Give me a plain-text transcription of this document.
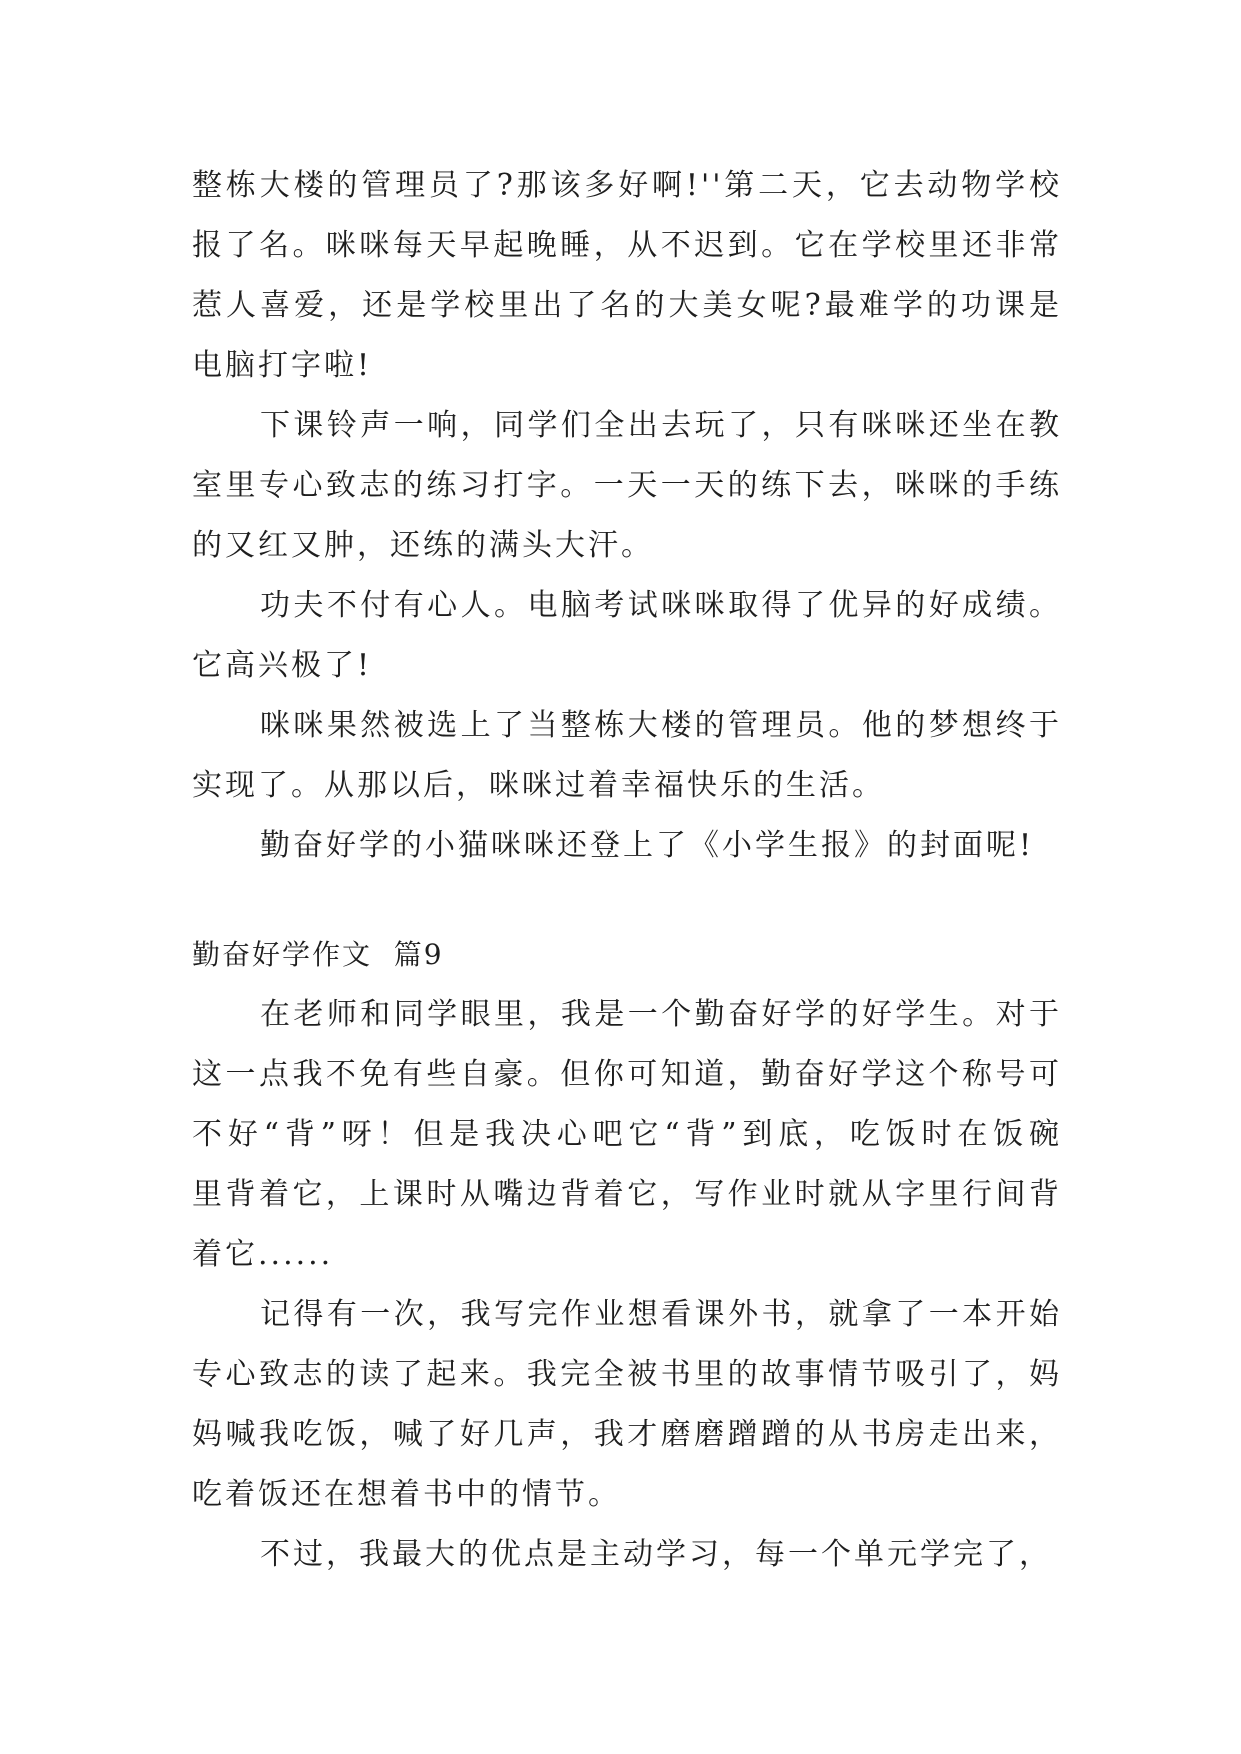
整栋大楼的管理员了?那该多好啊!''第二天，它去动物学校
报了名。咪咪每天早起晚睡，从不迟到。它在学校里还非常
惹人喜爱，还是学校里出了名的大美女呢?最难学的功课是
电脑打字啦!
下课铃声一响，同学们全出去玩了，只有咪咪还坐在教
室里专心致志的练习打字。一天一天的练下去，咪咪的手练
的又红又肿，还练的满头大汗。
功夫不付有心人。电脑考试咪咪取得了优异的好成绩。
它高兴极了!
咪咪果然被选上了当整栋大楼的管理员。他的梦想终于
实现了。从那以后，咪咪过着幸福快乐的生活。
勤奋好学的小猫咪咪还登上了《小学生报》的封面呢!
勤奋好学作文  篇9
在老师和同学眼里，我是一个勤奋好学的好学生。对于
这一点我不免有些自豪。但你可知道，勤奋好学这个称号可
不好“背”呀！但是我决心吧它“背”到底，吃饭时在饭碗
里背着它，上课时从嘴边背着它，写作业时就从字里行间背
着它......
记得有一次，我写完作业想看课外书，就拿了一本开始
专心致志的读了起来。我完全被书里的故事情节吸引了，妈
妈喊我吃饭，喊了好几声，我才磨磨蹭蹭的从书房走出来，
吃着饭还在想着书中的情节。
不过，我最大的优点是主动学习，每一个单元学完了，
